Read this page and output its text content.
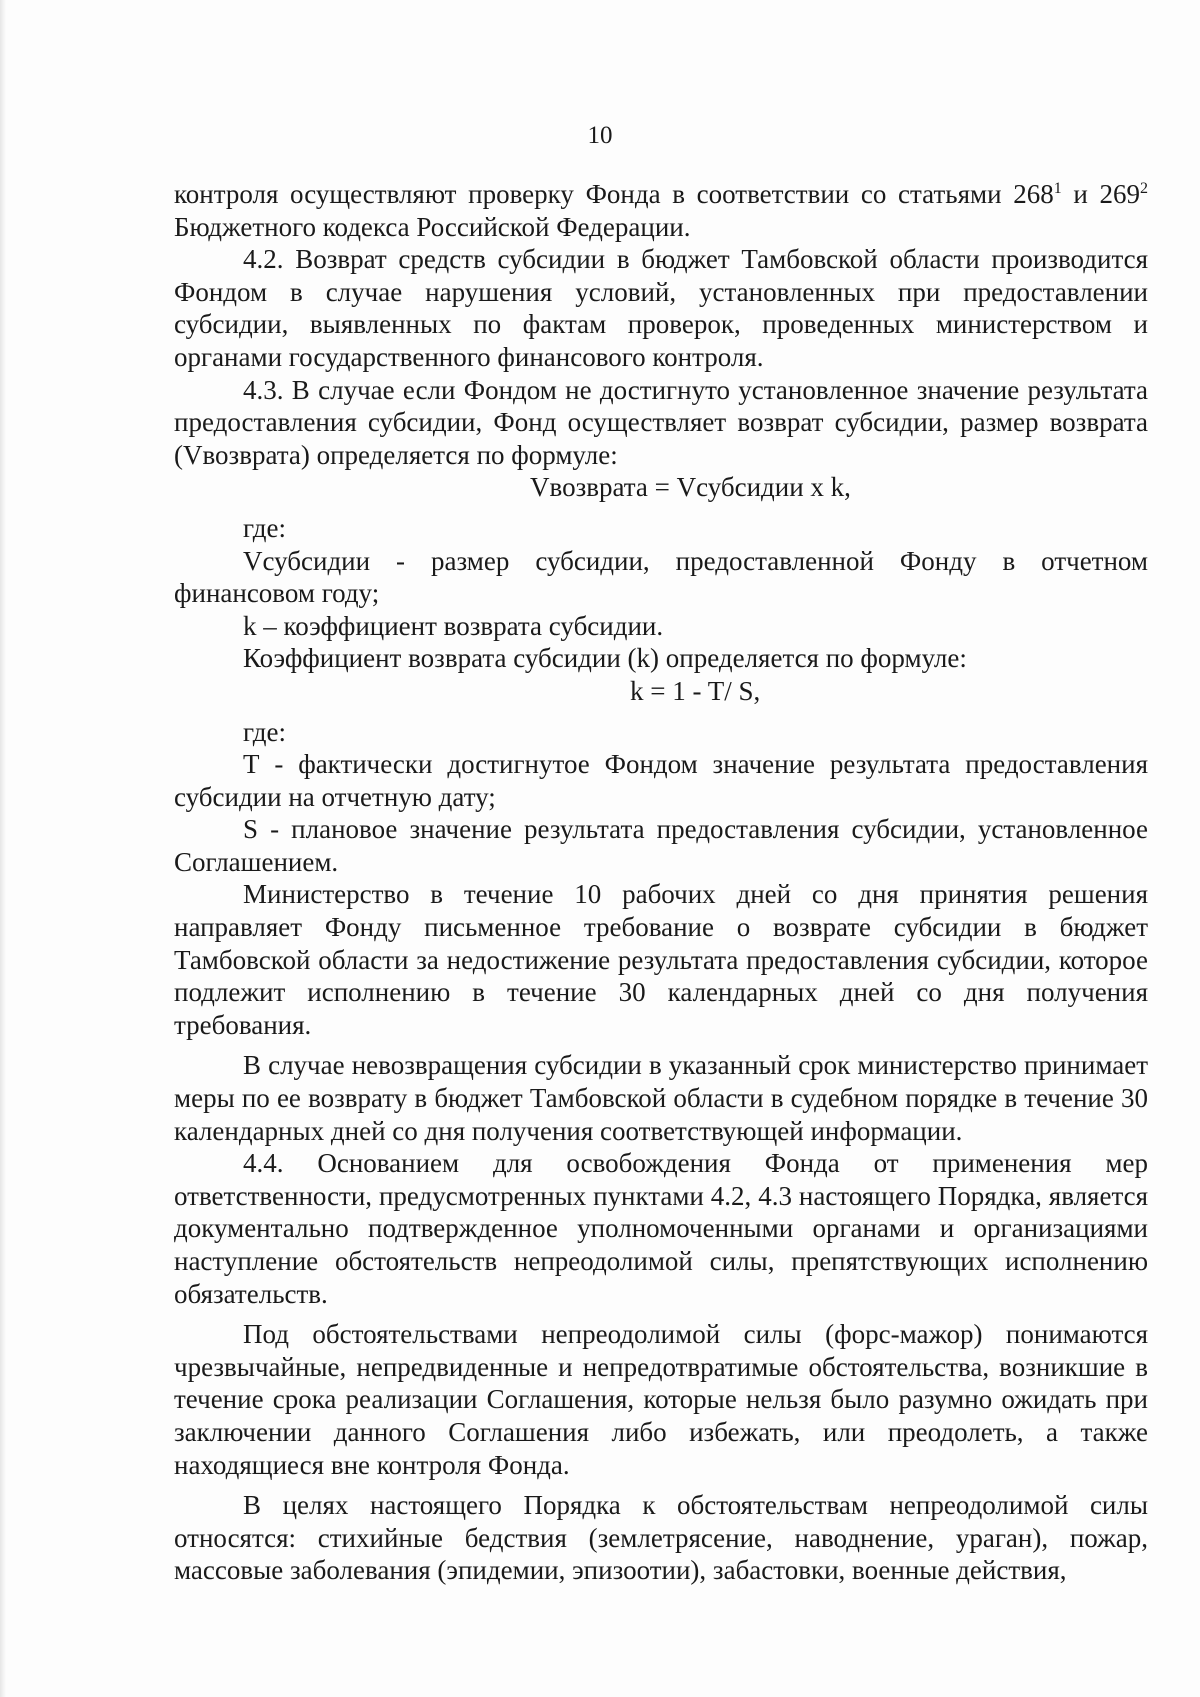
10

контроля осуществляют проверку Фонда в соответствии со статьями $268^1$ и $269^2$ Бюджетного кодекса Российской Федерации.

4.2. Возврат средств субсидии в бюджет Тамбовской области производится Фондом в случае нарушения условий, установленных при предоставлении субсидии, выявленных по фактам проверок, проведенных министерством и органами государственного финансового контроля.

4.3. В случае если Фондом не достигнуто установленное значение результата предоставления субсидии, Фонд осуществляет возврат субсидии, размер возврата (Vвозврата) определяется по формуле:

Vвозврата = Vсубсидии x k,

где:

Vсубсидии - размер субсидии, предоставленной Фонду в отчетном финансовом году;

k – коэффициент возврата субсидии.

Коэффициент возврата субсидии (k) определяется по формуле:

k = 1 - T/ S,

где:

Т - фактически достигнутое Фондом значение результата предоставления субсидии на отчетную дату;

S - плановое значение результата предоставления субсидии, установленное Соглашением.

Министерство в течение 10 рабочих дней со дня принятия решения направляет Фонду письменное требование о возврате субсидии в бюджет Тамбовской области за недостижение результата предоставления субсидии, которое подлежит исполнению в течение 30 календарных дней со дня получения требования.

В случае невозвращения субсидии в указанный срок министерство принимает меры по ее возврату в бюджет Тамбовской области в судебном порядке в течение 30 календарных дней со дня получения соответствующей информации.

4.4. Основанием для освобождения Фонда от применения мер ответственности, предусмотренных пунктами 4.2, 4.3 настоящего Порядка, является документально подтвержденное уполномоченными органами и организациями наступление обстоятельств непреодолимой силы, препятствующих исполнению обязательств.

Под обстоятельствами непреодолимой силы (форс-мажор) понимаются чрезвычайные, непредвиденные и непредотвратимые обстоятельства, возникшие в течение срока реализации Соглашения, которые нельзя было разумно ожидать при заключении данного Соглашения либо избежать, или преодолеть, а также находящиеся вне контроля Фонда.

В целях настоящего Порядка к обстоятельствам непреодолимой силы относятся: стихийные бедствия (землетрясение, наводнение, ураган), пожар, массовые заболевания (эпидемии, эпизоотии), забастовки, военные действия,
